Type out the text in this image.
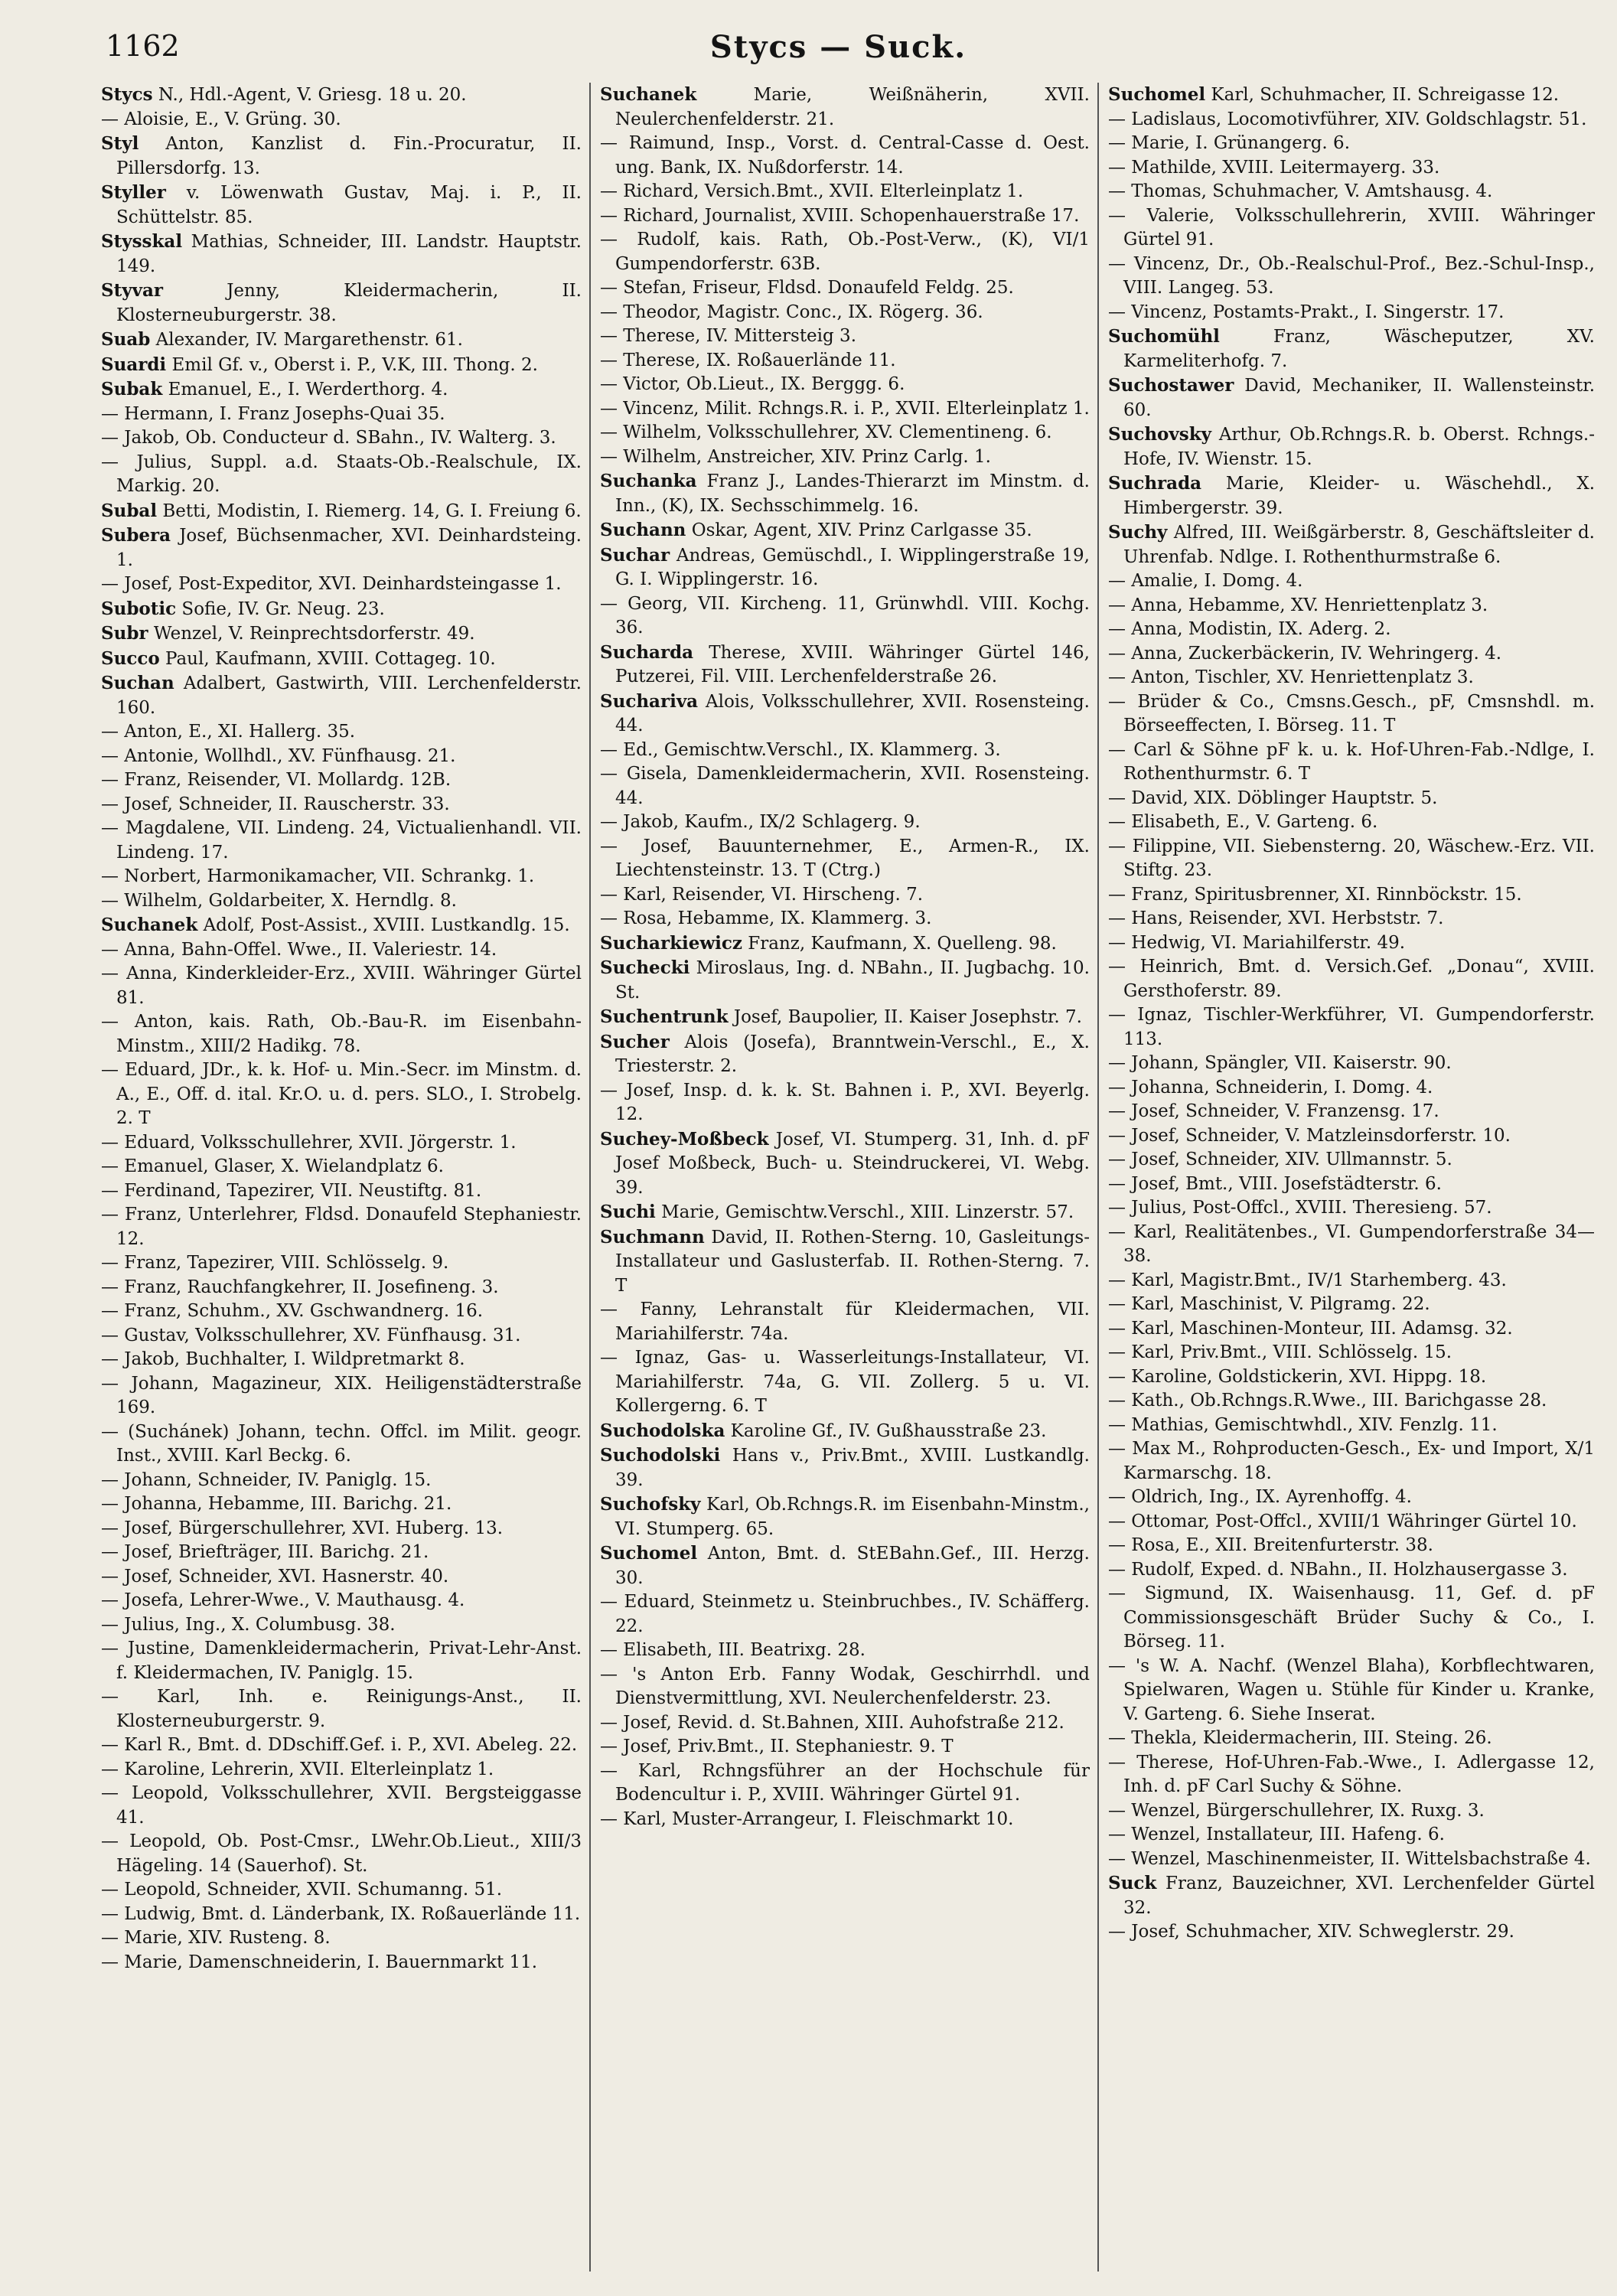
1162	Stycs — Suck.
Stycs N., Hdl.-Agent, V. Griesg. 18 u. 20.
— Aloisie, E., V. Grüng. 30.
Styl Anton, Kanzlist d. Fin.-Procuratur, II. Pillersdorfg. 13.
Styller v. Löwenwath Gustav, Maj. i. P., II. Schüttelstr. 85.
Stysskal Mathias, Schneider, III. Landstr. Hauptstr. 149.
Styvar Jenny, Kleidermacherin, II. Klosterneuburgerstr. 38.
Suab Alexander, IV. Margarethenstr. 61.
Suardi Emil Gf. v., Oberst i. P., V.K, III. Thong. 2.
Subak Emanuel, E., I. Werderthorg. 4.
— Hermann, I. Franz Josephs-Quai 35.
— Jakob, Ob. Conducteur d. SBahn., IV. Walterg. 3.
— Julius, Suppl. a.d. Staats-Ob.-Realschule, IX. Markig. 20.
Subal Betti, Modistin, I. Riemerg. 14, G. I. Freiung 6.
Subera Josef, Büchsenmacher, XVI. Deinhardsteing. 1.
— Josef, Post-Expeditor, XVI. Deinhardsteingasse 1.
Subotic Sofie, IV. Gr. Neug. 23.
Subr Wenzel, V. Reinprechtsdorferstr. 49.
Succo Paul, Kaufmann, XVIII. Cottageg. 10.
Suchan Adalbert, Gastwirth, VIII. Lerchenfelderstr. 160.
— Anton, E., XI. Hallerg. 35.
— Antonie, Wollhdl., XV. Fünfhausg. 21.
— Franz, Reisender, VI. Mollardg. 12B.
— Josef, Schneider, II. Rauscherstr. 33.
— Magdalene, VII. Lindeng. 24, Victualienhandl. VII. Lindeng. 17.
— Norbert, Harmonikamacher, VII. Schrankg. 1.
— Wilhelm, Goldarbeiter, X. Herndlg. 8.
Suchanek Adolf, Post-Assist., XVIII. Lustkandlg. 15.
— Anna, Bahn-Offel. Wwe., II. Valeriestr. 14.
— Anna, Kinderkleider-Erz., XVIII. Währinger Gürtel 81.
— Anton, kais. Rath, Ob.-Bau-R. im Eisenbahn-Minstm., XIII/2 Hadikg. 78.
— Eduard, JDr., k. k. Hof- u. Min.-Secr. im Minstm. d. A., E., Off. d. ital. Kr.O. u. d. pers. SLO., I. Strobelg. 2. T
— Eduard, Volksschullehrer, XVII. Jörgerstr. 1.
— Emanuel, Glaser, X. Wielandplatz 6.
— Ferdinand, Tapezirer, VII. Neustiftg. 81.
— Franz, Unterlehrer, Fldsd. Donaufeld Stephaniestr. 12.
— Franz, Tapezirer, VIII. Schlösselg. 9.
— Franz, Rauchfangkehrer, II. Josefineng. 3.
— Franz, Schuhm., XV. Gschwandnerg. 16.
— Gustav, Volksschullehrer, XV. Fünfhausg. 31.
— Jakob, Buchhalter, I. Wildpretmarkt 8.
— Johann, Magazineur, XIX. Heiligenstädterstraße 169.
— (Suchánek) Johann, techn. Offcl. im Milit. geogr. Inst., XVIII. Karl Beckg. 6.
— Johann, Schneider, IV. Paniglg. 15.
— Johanna, Hebamme, III. Barichg. 21.
— Josef, Bürgerschullehrer, XVI. Huberg. 13.
— Josef, Briefträger, III. Barichg. 21.
— Josef, Schneider, XVI. Hasnerstr. 40.
— Josefa, Lehrer-Wwe., V. Mauthausg. 4.
— Julius, Ing., X. Columbusg. 38.
— Justine, Damenkleidermacherin, Privat-Lehr-Anst. f. Kleidermachen, IV. Paniglg. 15.
— Karl, Inh. e. Reinigungs-Anst., II. Klosterneuburgerstr. 9.
— Karl R., Bmt. d. DDschiff.Gef. i. P., XVI. Abeleg. 22.
— Karoline, Lehrerin, XVII. Elterleinplatz 1.
— Leopold, Volksschullehrer, XVII. Bergsteiggasse 41.
— Leopold, Ob. Post-Cmsr., LWehr.Ob.Lieut., XIII/3 Hägeling. 14 (Sauerhof). St.
— Leopold, Schneider, XVII. Schumanng. 51.
— Ludwig, Bmt. d. Länderbank, IX. Roßauerlände 11.
— Marie, XIV. Rusteng. 8.
— Marie, Damenschneiderin, I. Bauernmarkt 11.
Suchanek Marie, Weißnäherin, XVII. Neulerchenfelderstr. 21.
— Raimund, Insp., Vorst. d. Central-Casse d. Oest. ung. Bank, IX. Nußdorferstr. 14.
— Richard, Versich.Bmt., XVII. Elterleinplatz 1.
— Richard, Journalist, XVIII. Schopenhauerstraße 17.
— Rudolf, kais. Rath, Ob.-Post-Verw., (K), VI/1 Gumpendorferstr. 63B.
— Stefan, Friseur, Fldsd. Donaufeld Feldg. 25.
— Theodor, Magistr. Conc., IX. Rögerg. 36.
— Therese, IV. Mittersteig 3.
— Therese, IX. Roßauerlände 11.
— Victor, Ob.Lieut., IX. Berggg. 6.
— Vincenz, Milit. Rchngs.R. i. P., XVII. Elterleinplatz 1.
— Wilhelm, Volksschullehrer, XV. Clementineng. 6.
— Wilhelm, Anstreicher, XIV. Prinz Carlg. 1.
Suchanka Franz J., Landes-Thierarzt im Minstm. d. Inn., (K), IX. Sechsschimmelg. 16.
Suchann Oskar, Agent, XIV. Prinz Carlgasse 35.
Suchar Andreas, Gemüschdl., I. Wipplingerstraße 19, G. I. Wipplingerstr. 16.
— Georg, VII. Kircheng. 11, Grünwhdl. VIII. Kochg. 36.
Sucharda Therese, XVIII. Währinger Gürtel 146, Putzerei, Fil. VIII. Lerchenfelderstraße 26.
Suchariva Alois, Volksschullehrer, XVII. Rosensteing. 44.
— Ed., Gemischtw.Verschl., IX. Klammerg. 3.
— Gisela, Damenkleidermacherin, XVII. Rosensteing. 44.
— Jakob, Kaufm., IX/2 Schlagerg. 9.
— Josef, Bauunternehmer, E., Armen-R., IX. Liechtensteinstr. 13. T (Ctrg.)
— Karl, Reisender, VI. Hirscheng. 7.
— Rosa, Hebamme, IX. Klammerg. 3.
Sucharkiewicz Franz, Kaufmann, X. Quelleng. 98.
Sucheckі Miroslaus, Ing. d. NBahn., II. Jugbachg. 10. St.
Suchentrunk Josef, Baupolier, II. Kaiser Josephstr. 7.
Sucher Alois (Josefa), Branntwein-Verschl., E., X. Triesterstr. 2.
— Josef, Insp. d. k. k. St. Bahnen i. P., XVI. Beyerlg. 12.
Suchey-Moßbeck Josef, VI. Stumperg. 31, Inh. d. pF Josef Moßbeck, Buch- u. Steindruckerei, VI. Webg. 39.
Suchi Marie, Gemischtw.Verschl., XIII. Linzerstr. 57.
Suchmann David, II. Rothen-Sterng. 10, Gasleitungs-Installateur und Gaslusterfab. II. Rothen-Sterng. 7. T
— Fanny, Lehranstalt für Kleidermachen, VII. Mariahilferstr. 74a.
— Ignaz, Gas- u. Wasserleitungs-Installateur, VI. Mariahilferstr. 74a, G. VII. Zollerg. 5 u. VI. Kollergerng. 6. T
Suchodolska Karoline Gf., IV. Gußhausstraße 23.
Suchodolski Hans v., Priv.Bmt., XVIII. Lustkandlg. 39.
Suchofsky Karl, Ob.Rchngs.R. im Eisenbahn-Minstm., VI. Stumperg. 65.
Suchomel Anton, Bmt. d. StEBahn.Gef., III. Herzg. 30.
— Eduard, Steinmetz u. Steinbruchbes., IV. Schäfferg. 22.
— Elisabeth, III. Beatrixg. 28.
— 's Anton Erb. Fanny Wodak, Geschirrhdl. und Dienstvermittlung, XVI. Neulerchenfelderstr. 23.
— Josef, Revid. d. St.Bahnen, XIII. Auhofstraße 212.
— Josef, Priv.Bmt., II. Stephaniestr. 9. T
— Karl, Rchngsführer an der Hochschule für Bodencultur i. P., XVIII. Währinger Gürtel 91.
— Karl, Muster-Arrangeur, I. Fleischmarkt 10.
Suchomel Karl, Schuhmacher, II. Schreigasse 12.
— Ladislaus, Locomotivführer, XIV. Goldschlagstr. 51.
— Marie, I. Grünangerg. 6.
— Mathilde, XVIII. Leitermayerg. 33.
— Thomas, Schuhmacher, V. Amtshausg. 4.
— Valerie, Volksschullehrerin, XVIII. Währinger Gürtel 91.
— Vincenz, Dr., Ob.-Realschul-Prof., Bez.-Schul-Insp., VIII. Langeg. 53.
— Vincenz, Postamts-Prakt., I. Singerstr. 17.
Suchomühl Franz, Wäscheputzer, XV. Karmeliterhofg. 7.
Suchostawer David, Mechaniker, II. Wallensteinstr. 60.
Suchovsky Arthur, Ob.Rchngs.R. b. Oberst. Rchngs.-Hofe, IV. Wienstr. 15.
Suchrada Marie, Kleider- u. Wäschehdl., X. Himbergerstr. 39.
Suchy Alfred, III. Weißgärberstr. 8, Geschäftsleiter d. Uhrenfab. Ndlge. I. Rothenthurmstraße 6.
— Amalie, I. Domg. 4.
— Anna, Hebamme, XV. Henriettenplatz 3.
— Anna, Modistin, IX. Aderg. 2.
— Anna, Zuckerbäckerin, IV. Wehringerg. 4.
— Anton, Tischler, XV. Henriettenplatz 3.
— Brüder & Co., Cmsns.Gesch., pF, Cmsnshdl. m. Börseeffecten, I. Börseg. 11. T
— Carl & Söhne pF k. u. k. Hof-Uhren-Fab.-Ndlge, I. Rothenthurmstr. 6. T
— David, XIX. Döblinger Hauptstr. 5.
— Elisabeth, E., V. Garteng. 6.
— Filippine, VII. Siebensterng. 20, Wäschew.-Erz. VII. Stiftg. 23.
— Franz, Spiritusbrenner, XI. Rinnböckstr. 15.
— Hans, Reisender, XVI. Herbststr. 7.
— Hedwig, VI. Mariahilferstr. 49.
— Heinrich, Bmt. d. Versich.Gef. „Donau“, XVIII. Gersthoferstr. 89.
— Ignaz, Tischler-Werkführer, VI. Gumpendorferstr. 113.
— Johann, Spängler, VII. Kaiserstr. 90.
— Johanna, Schneiderin, I. Domg. 4.
— Josef, Schneider, V. Franzensg. 17.
— Josef, Schneider, V. Matzleinsdorferstr. 10.
— Josef, Schneider, XIV. Ullmannstr. 5.
— Josef, Bmt., VIII. Josefstädterstr. 6.
— Julius, Post-Offcl., XVIII. Theresieng. 57.
— Karl, Realitätenbes., VI. Gumpendorferstraße 34—38.
— Karl, Magistr.Bmt., IV/1 Starhemberg. 43.
— Karl, Maschinist, V. Pilgramg. 22.
— Karl, Maschinen-Monteur, III. Adamsg. 32.
— Karl, Priv.Bmt., VIII. Schlösselg. 15.
— Karoline, Goldstickerin, XVI. Hippg. 18.
— Kath., Ob.Rchngs.R.Wwe., III. Barichgasse 28.
— Mathias, Gemischtwhdl., XIV. Fenzlg. 11.
— Max M., Rohproducten-Gesch., Ex- und Import, X/1 Karmarschg. 18.
— Oldrich, Ing., IX. Ayrenhoffg. 4.
— Ottomar, Post-Offcl., XVIII/1 Währinger Gürtel 10.
— Rosa, E., XII. Breitenfurterstr. 38.
— Rudolf, Exped. d. NBahn., II. Holzhausergasse 3.
— Sigmund, IX. Waisenhausg. 11, Gef. d. pF Commissionsgeschäft Brüder Suchy & Co., I. Börseg. 11.
— 's W. A. Nachf. (Wenzel Blaha), Korbflechtwaren, Spielwaren, Wagen u. Stühle für Kinder u. Kranke, V. Garteng. 6. Siehe Inserat.
— Thekla, Kleidermacherin, III. Steing. 26.
— Therese, Hof-Uhren-Fab.-Wwe., I. Adlergasse 12, Inh. d. pF Carl Suchy & Söhne.
— Wenzel, Bürgerschullehrer, IX. Ruxg. 3.
— Wenzel, Installateur, III. Hafeng. 6.
— Wenzel, Maschinenmeister, II. Wittelsbachstraße 4.
Suck Franz, Bauzeichner, XVI. Lerchenfelder Gürtel 32.
— Josef, Schuhmacher, XIV. Schweglerstr. 29.
